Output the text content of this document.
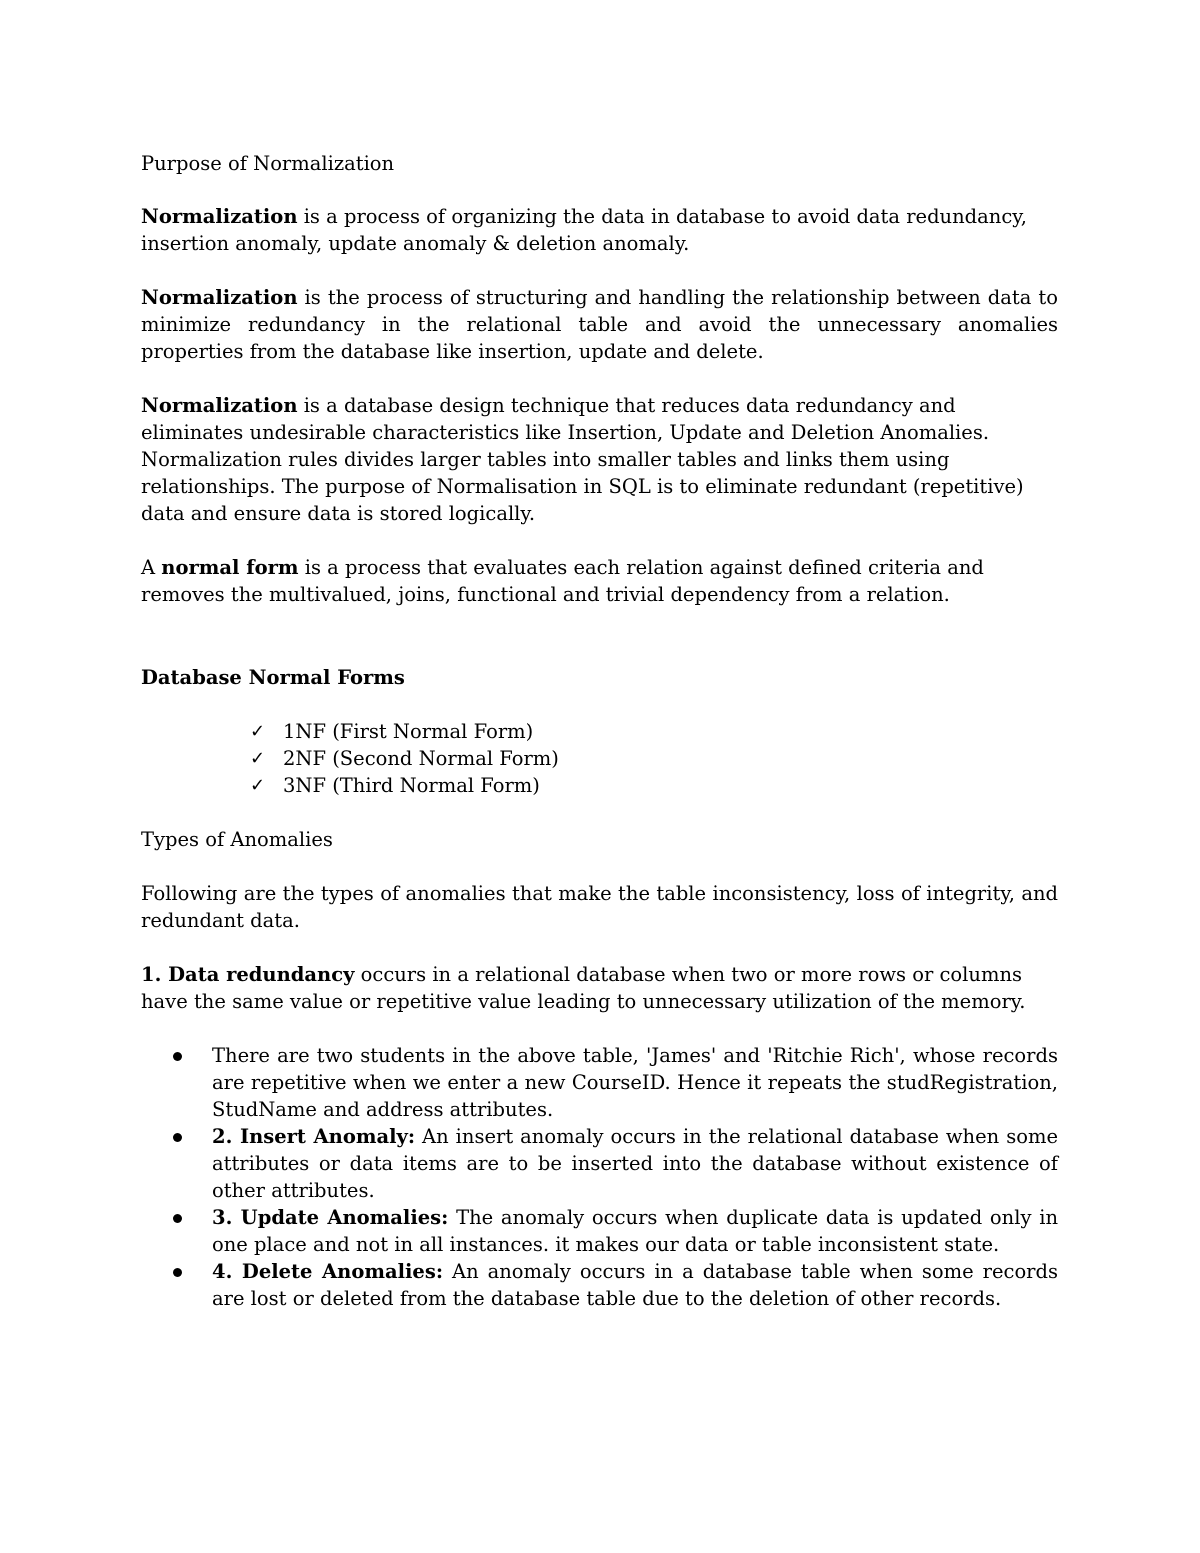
Purpose of Normalization

Normalization is a process of organizing the data in database to avoid data redundancy, insertion anomaly, update anomaly & deletion anomaly.

Normalization is the process of structuring and handling the relationship between data to minimize redundancy in the relational table and avoid the unnecessary anomalies properties from the database like insertion, update and delete.

Normalization is a database design technique that reduces data redundancy and eliminates undesirable characteristics like Insertion, Update and Deletion Anomalies. Normalization rules divides larger tables into smaller tables and links them using relationships. The purpose of Normalisation in SQL is to eliminate redundant (repetitive) data and ensure data is stored logically.

A normal form is a process that evaluates each relation against defined criteria and removes the multivalued, joins, functional and trivial dependency from a relation.

Database Normal Forms

✓ 1NF (First Normal Form)
✓ 2NF (Second Normal Form)
✓ 3NF (Third Normal Form)

Types of Anomalies

Following are the types of anomalies that make the table inconsistency, loss of integrity, and redundant data.

1. Data redundancy occurs in a relational database when two or more rows or columns have the same value or repetitive value leading to unnecessary utilization of the memory.

There are two students in the above table, 'James' and 'Ritchie Rich', whose records are repetitive when we enter a new CourseID. Hence it repeats the studRegistration, StudName and address attributes.
2. Insert Anomaly: An insert anomaly occurs in the relational database when some attributes or data items are to be inserted into the database without existence of other attributes.
3. Update Anomalies: The anomaly occurs when duplicate data is updated only in one place and not in all instances. it makes our data or table inconsistent state.
4. Delete Anomalies: An anomaly occurs in a database table when some records are lost or deleted from the database table due to the deletion of other records.
